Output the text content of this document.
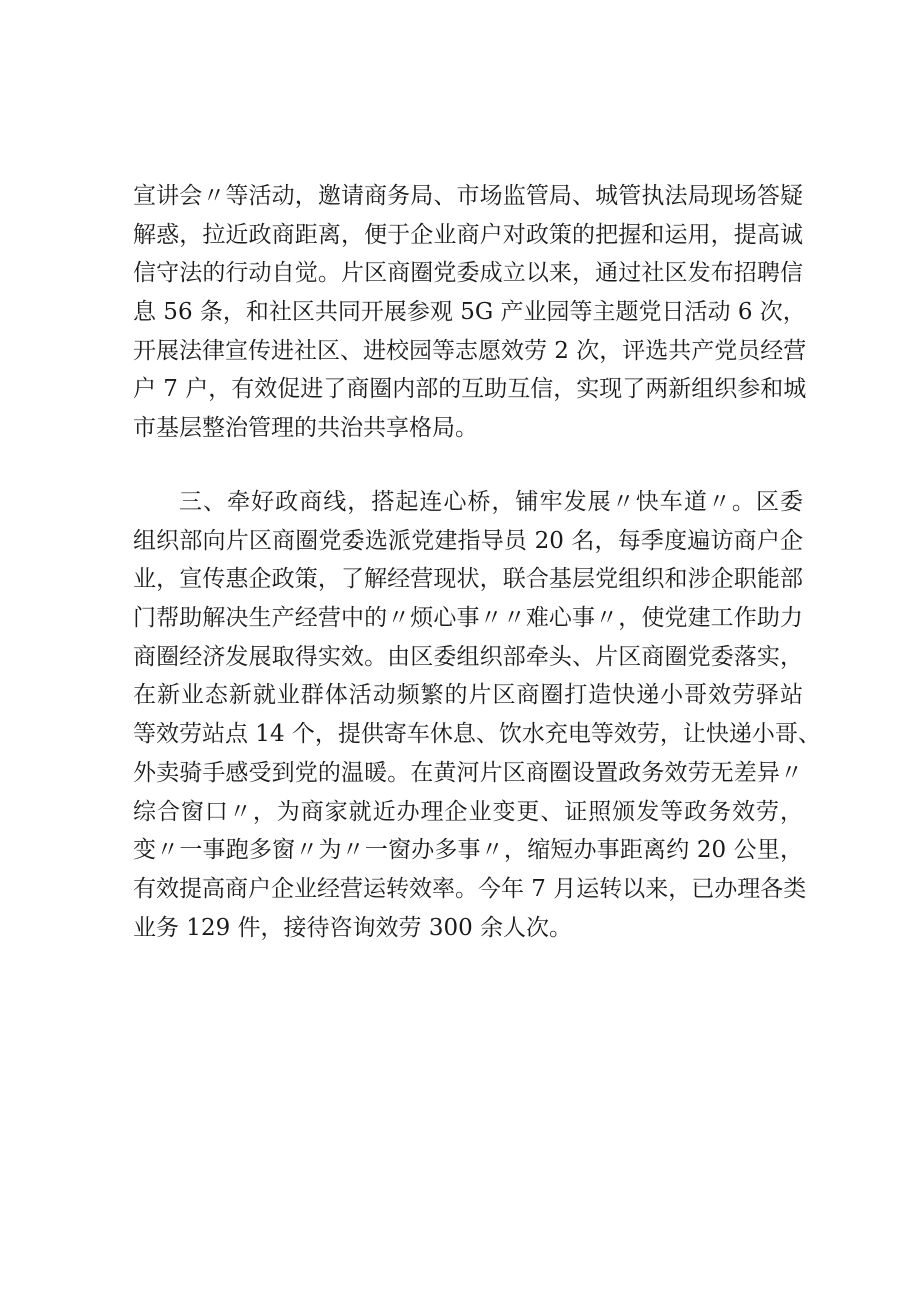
宣讲会〃等活动，邀请商务局、市场监管局、城管执法局现场答疑
解惑，拉近政商距离，便于企业商户对政策的把握和运用，提高诚
信守法的行动自觉。片区商圈党委成立以来，通过社区发布招聘信
息 56 条，和社区共同开展参观 5G 产业园等主题党日活动 6 次，
开展法律宣传进社区、进校园等志愿效劳 2 次，评选共产党员经营
户 7 户，有效促进了商圈内部的互助互信，实现了两新组织参和城
市基层整治管理的共治共享格局。
三、牵好政商线，搭起连心桥，铺牢发展〃快车道〃。区委
组织部向片区商圈党委选派党建指导员 20 名，每季度遍访商户企
业，宣传惠企政策，了解经营现状，联合基层党组织和涉企职能部
门帮助解决生产经营中的〃烦心事〃〃难心事〃，使党建工作助力
商圈经济发展取得实效。由区委组织部牵头、片区商圈党委落实，
在新业态新就业群体活动频繁的片区商圈打造快递小哥效劳驿站
等效劳站点 14 个，提供寄车休息、饮水充电等效劳，让快递小哥、
外卖骑手感受到党的温暖。在黄河片区商圈设置政务效劳无差异〃
综合窗口〃，为商家就近办理企业变更、证照颁发等政务效劳，
变〃一事跑多窗〃为〃一窗办多事〃，缩短办事距离约 20 公里，
有效提高商户企业经营运转效率。今年 7 月运转以来，已办理各类
业务 129 件，接待咨询效劳 300 余人次。
